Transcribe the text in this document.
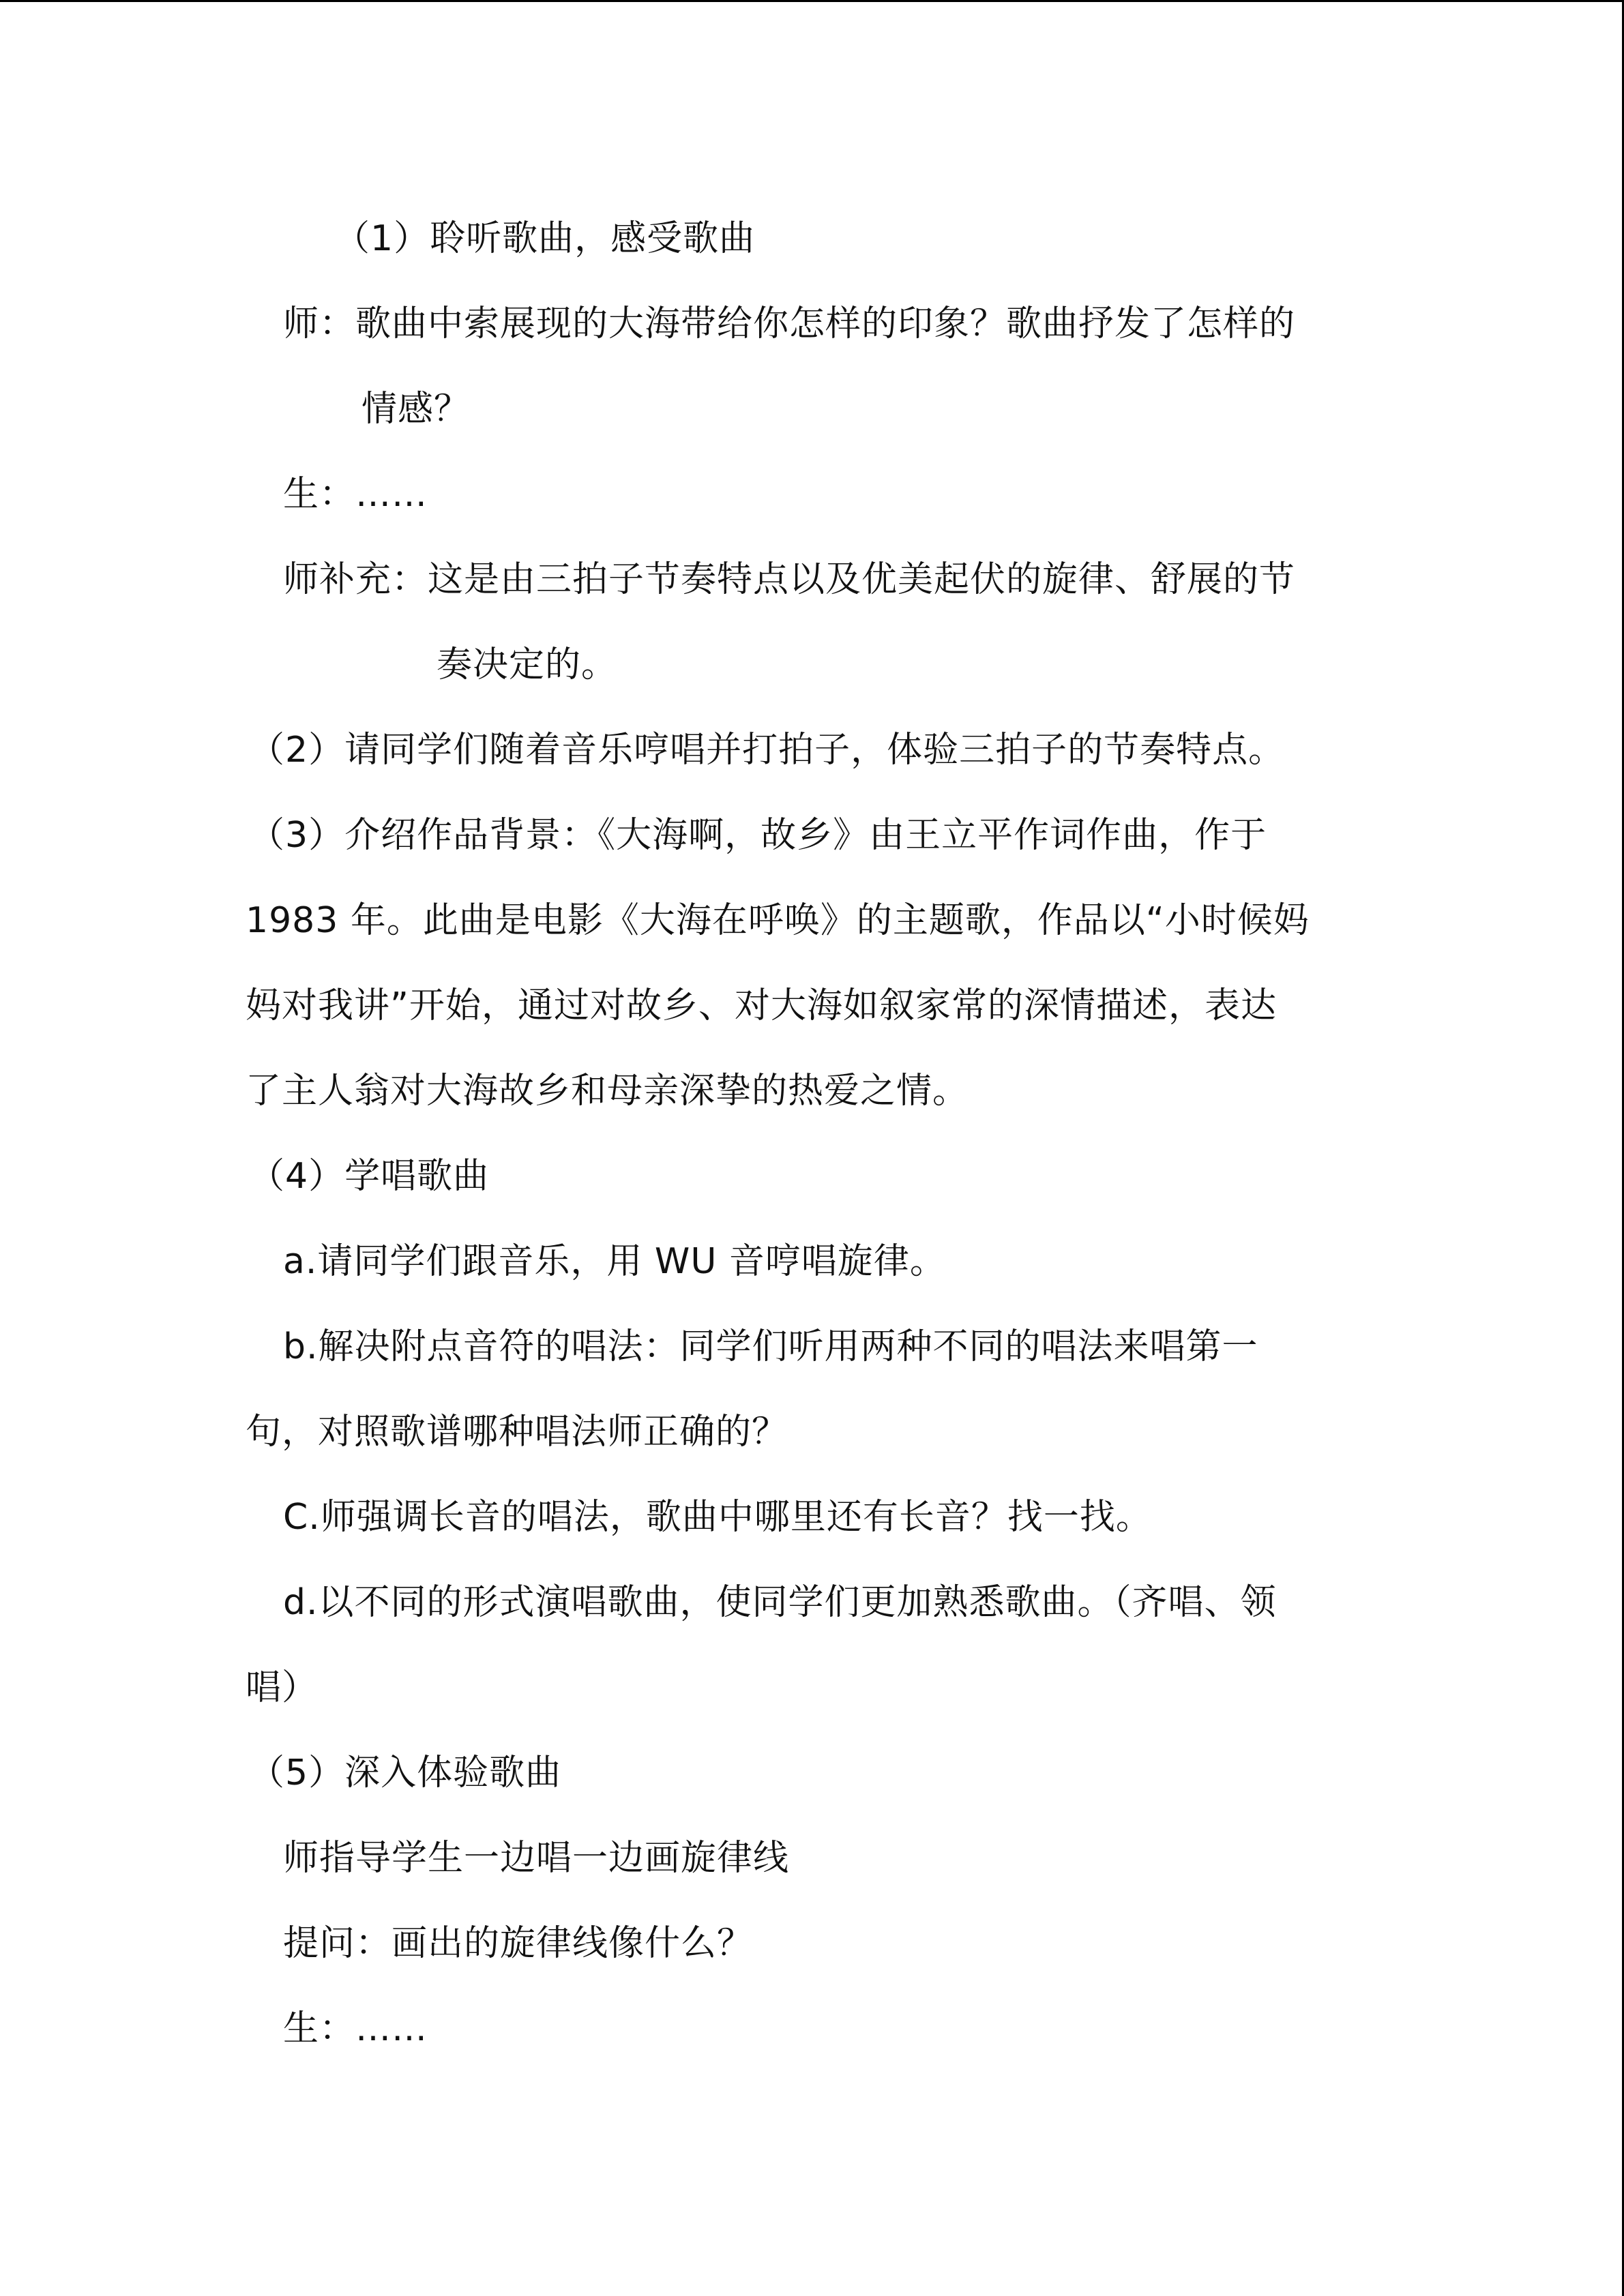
（1）聆听歌曲，感受歌曲
师：歌曲中索展现的大海带给你怎样的印象？歌曲抒发了怎样的
情感？
生：……
师补充：这是由三拍子节奏特点以及优美起伏的旋律、舒展的节
奏决定的。
（2）请同学们随着音乐哼唱并打拍子，体验三拍子的节奏特点。
（3）介绍作品背景：《大海啊，故乡》由王立平作词作曲，作于
1983 年。此曲是电影《大海在呼唤》的主题歌，作品以“小时候妈
妈对我讲”开始，通过对故乡、对大海如叙家常的深情描述，表达
了主人翁对大海故乡和母亲深挚的热爱之情。
（4）学唱歌曲
a.请同学们跟音乐，用 WU 音哼唱旋律。
b.解决附点音符的唱法：同学们听用两种不同的唱法来唱第一
句，对照歌谱哪种唱法师正确的？
C.师强调长音的唱法，歌曲中哪里还有长音？找一找。
d.以不同的形式演唱歌曲，使同学们更加熟悉歌曲。（齐唱、领
唱）
（5）深入体验歌曲
师指导学生一边唱一边画旋律线
提问：画出的旋律线像什么？
生：……
